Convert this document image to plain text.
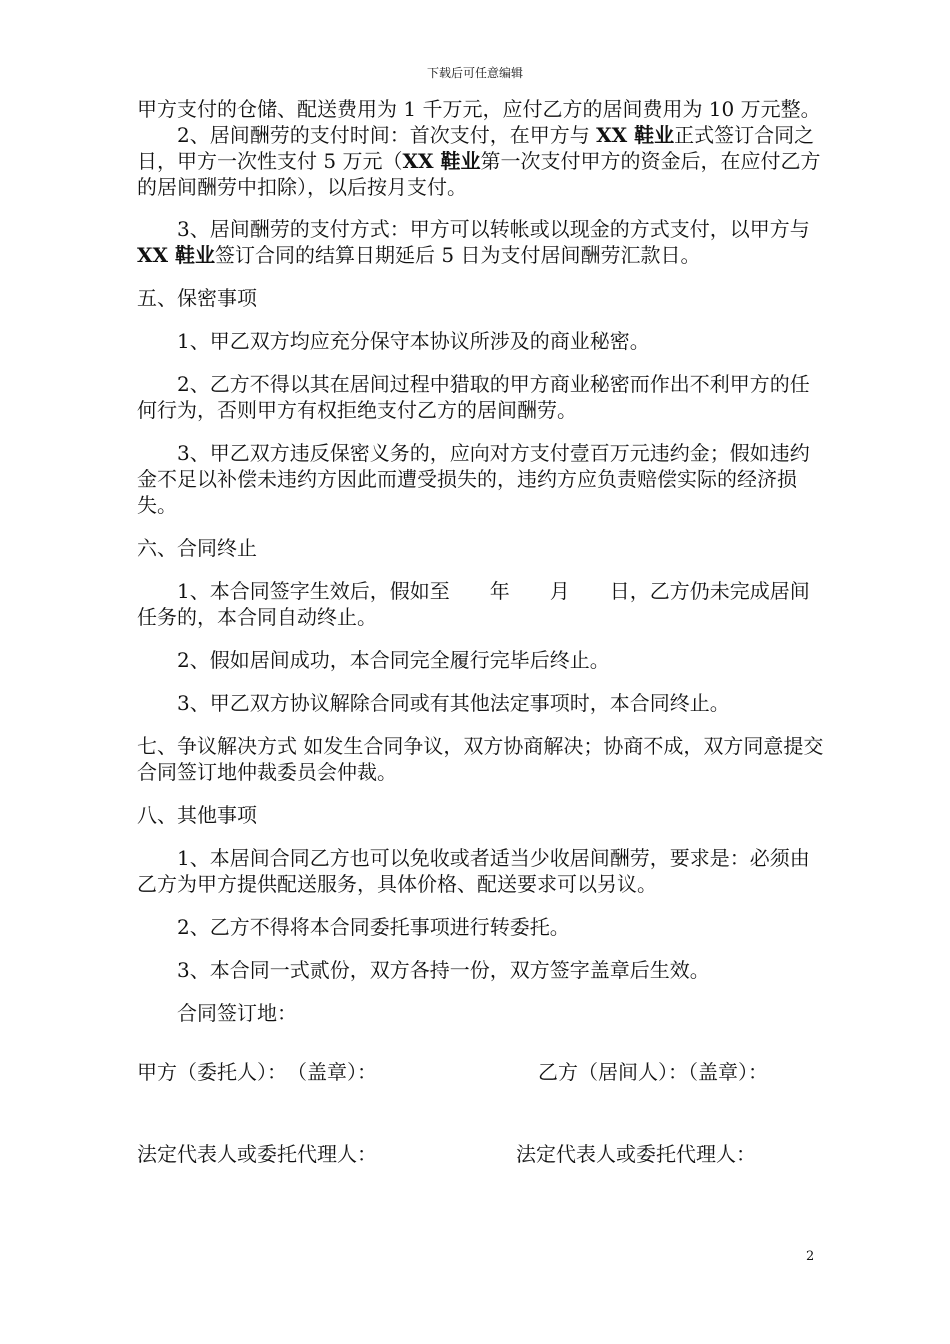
下载后可任意编辑

甲方支付的仓储、配送费用为 1 千万元，应付乙方的居间费用为 10 万元整。

2、居间酬劳的支付时间：首次支付，在甲方与 XX 鞋业正式签订合同之日，甲方一次性支付 5 万元（XX 鞋业第一次支付甲方的资金后，在应付乙方的居间酬劳中扣除），以后按月支付。

3、居间酬劳的支付方式：甲方可以转帐或以现金的方式支付，以甲方与 XX 鞋业签订合同的结算日期延后 5 日为支付居间酬劳汇款日。

五、保密事项

1、甲乙双方均应充分保守本协议所涉及的商业秘密。

2、乙方不得以其在居间过程中猎取的甲方商业秘密而作出不利甲方的任何行为，否则甲方有权拒绝支付乙方的居间酬劳。

3、甲乙双方违反保密义务的，应向对方支付壹百万元违约金；假如违约金不足以补偿未违约方因此而遭受损失的，违约方应负责赔偿实际的经济损失。

六、合同终止

1、本合同签字生效后，假如至　　年　　月　　日，乙方仍未完成居间任务的，本合同自动终止。

2、假如居间成功，本合同完全履行完毕后终止。

3、甲乙双方协议解除合同或有其他法定事项时，本合同终止。

七、争议解决方式 如发生合同争议，双方协商解决；协商不成，双方同意提交合同签订地仲裁委员会仲裁。

八、其他事项

1、本居间合同乙方也可以免收或者适当少收居间酬劳，要求是：必须由乙方为甲方提供配送服务，具体价格、配送要求可以另议。

2、乙方不得将本合同委托事项进行转委托。

3、本合同一式贰份，双方各持一份，双方签字盖章后生效。

合同签订地：

甲方（委托人）：　（盖章）：	乙方（居间人）：（盖章）：
法定代表人或委托代理人：	法定代表人或委托代理人：
2
